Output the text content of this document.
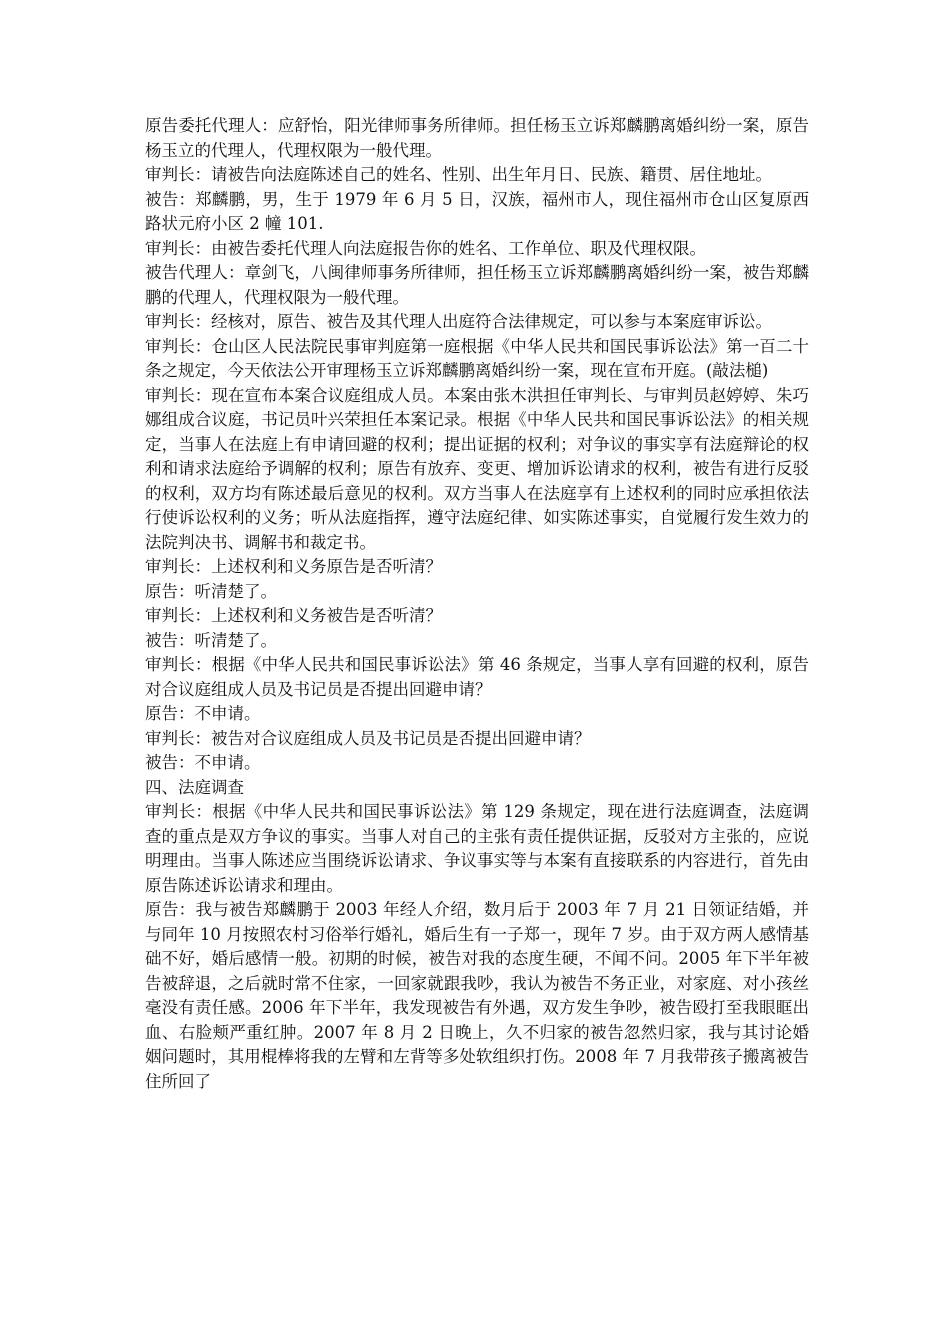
原告委托代理人：应舒怡，阳光律师事务所律师。担任杨玉立诉郑麟鹏离婚纠纷一案，原告杨玉立的代理人，代理权限为一般代理。

审判长：请被告向法庭陈述自己的姓名、性别、出生年月日、民族、籍贯、居住地址。

被告：郑麟鹏，男，生于 1979 年 6 月 5 日，汉族，福州市人，现住福州市仓山区复原西路状元府小区 2 幢 101.

审判长：由被告委托代理人向法庭报告你的姓名、工作单位、职及代理权限。

被告代理人：章剑飞，八闽律师事务所律师，担任杨玉立诉郑麟鹏离婚纠纷一案，被告郑麟鹏的代理人，代理权限为一般代理。

审判长：经核对，原告、被告及其代理人出庭符合法律规定，可以参与本案庭审诉讼。

审判长：仓山区人民法院民事审判庭第一庭根据《中华人民共和国民事诉讼法》第一百二十条之规定，今天依法公开审理杨玉立诉郑麟鹏离婚纠纷一案，现在宣布开庭。(敲法槌)

审判长：现在宣布本案合议庭组成人员。本案由张木洪担任审判长、与审判员赵婷婷、朱巧娜组成合议庭，书记员叶兴荣担任本案记录。根据《中华人民共和国民事诉讼法》的相关规定，当事人在法庭上有申请回避的权利；提出证据的权利；对争议的事实享有法庭辩论的权利和请求法庭给予调解的权利；原告有放弃、变更、增加诉讼请求的权利，被告有进行反驳的权利，双方均有陈述最后意见的权利。双方当事人在法庭享有上述权利的同时应承担依法行使诉讼权利的义务；听从法庭指挥，遵守法庭纪律、如实陈述事实，自觉履行发生效力的法院判决书、调解书和裁定书。

审判长：上述权利和义务原告是否听清？

原告：听清楚了。

审判长：上述权利和义务被告是否听清？

被告：听清楚了。

审判长：根据《中华人民共和国民事诉讼法》第 46 条规定，当事人享有回避的权利，原告对合议庭组成人员及书记员是否提出回避申请？

原告：不申请。

审判长：被告对合议庭组成人员及书记员是否提出回避申请？

被告：不申请。

四、法庭调查

审判长：根据《中华人民共和国民事诉讼法》第 129 条规定，现在进行法庭调查，法庭调查的重点是双方争议的事实。当事人对自己的主张有责任提供证据，反驳对方主张的，应说明理由。当事人陈述应当围绕诉讼请求、争议事实等与本案有直接联系的内容进行，首先由原告陈述诉讼请求和理由。

原告：我与被告郑麟鹏于 2003 年经人介绍，数月后于 2003 年 7 月 21 日领证结婚，并与同年 10 月按照农村习俗举行婚礼，婚后生有一子郑一，现年 7 岁。由于双方两人感情基础不好，婚后感情一般。初期的时候，被告对我的态度生硬，不闻不问。2005 年下半年被告被辞退，之后就时常不住家，一回家就跟我吵，我认为被告不务正业，对家庭、对小孩丝毫没有责任感。2006 年下半年，我发现被告有外遇，双方发生争吵，被告殴打至我眼眶出血、右脸颊严重红肿。2007 年 8 月 2 日晚上，久不归家的被告忽然归家，我与其讨论婚姻问题时，其用棍棒将我的左臂和左背等多处软组织打伤。2008 年 7 月我带孩子搬离被告住所回了
